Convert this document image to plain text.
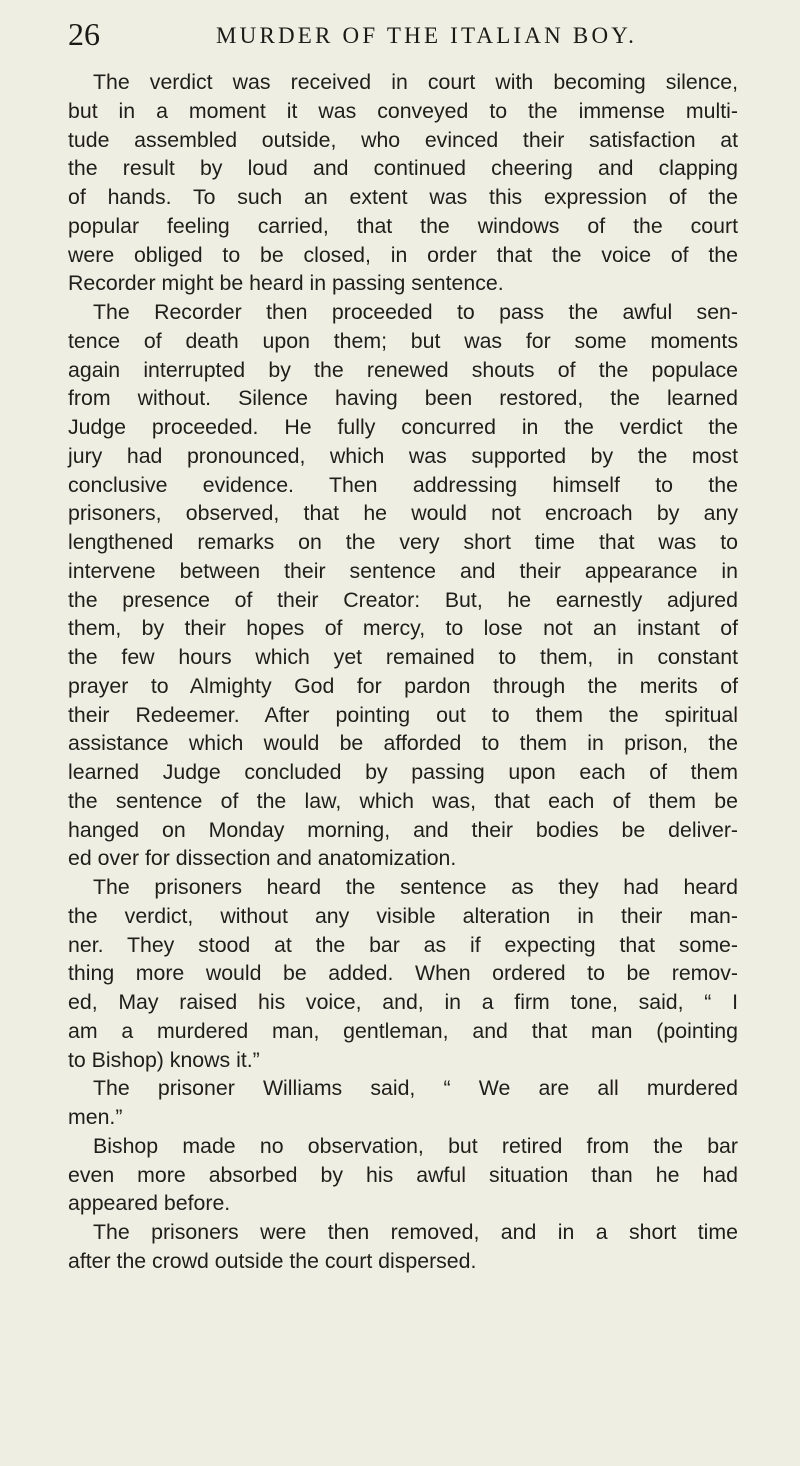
26	MURDER OF THE ITALIAN BOY.
The verdict was received in court with becoming silence,
but in a moment it was conveyed to the immense multi-
tude assembled outside, who evinced their satisfaction at
the result by loud and continued cheering and clapping
of hands. To such an extent was this expression of the
popular feeling carried, that the windows of the court
were obliged to be closed, in order that the voice of the
Recorder might be heard in passing sentence.
The Recorder then proceeded to pass the awful sen-
tence of death upon them; but was for some moments
again interrupted by the renewed shouts of the populace
from without. Silence having been restored, the learned
Judge proceeded. He fully concurred in the verdict the
jury had pronounced, which was supported by the most
conclusive evidence. Then addressing himself to the
prisoners, observed, that he would not encroach by any
lengthened remarks on the very short time that was to
intervene between their sentence and their appearance in
the presence of their Creator: But, he earnestly adjured
them, by their hopes of mercy, to lose not an instant of
the few hours which yet remained to them, in constant
prayer to Almighty God for pardon through the merits of
their Redeemer. After pointing out to them the spiritual
assistance which would be afforded to them in prison, the
learned Judge concluded by passing upon each of them
the sentence of the law, which was, that each of them be
hanged on Monday morning, and their bodies be deliver-
ed over for dissection and anatomization.
The prisoners heard the sentence as they had heard
the verdict, without any visible alteration in their man-
ner. They stood at the bar as if expecting that some-
thing more would be added. When ordered to be remov-
ed, May raised his voice, and, in a firm tone, said, “ I
am a murdered man, gentleman, and that man (pointing
to Bishop) knows it.”
The prisoner Williams said, “ We are all murdered
men.”
Bishop made no observation, but retired from the bar
even more absorbed by his awful situation than he had
appeared before.
The prisoners were then removed, and in a short time
after the crowd outside the court dispersed.
